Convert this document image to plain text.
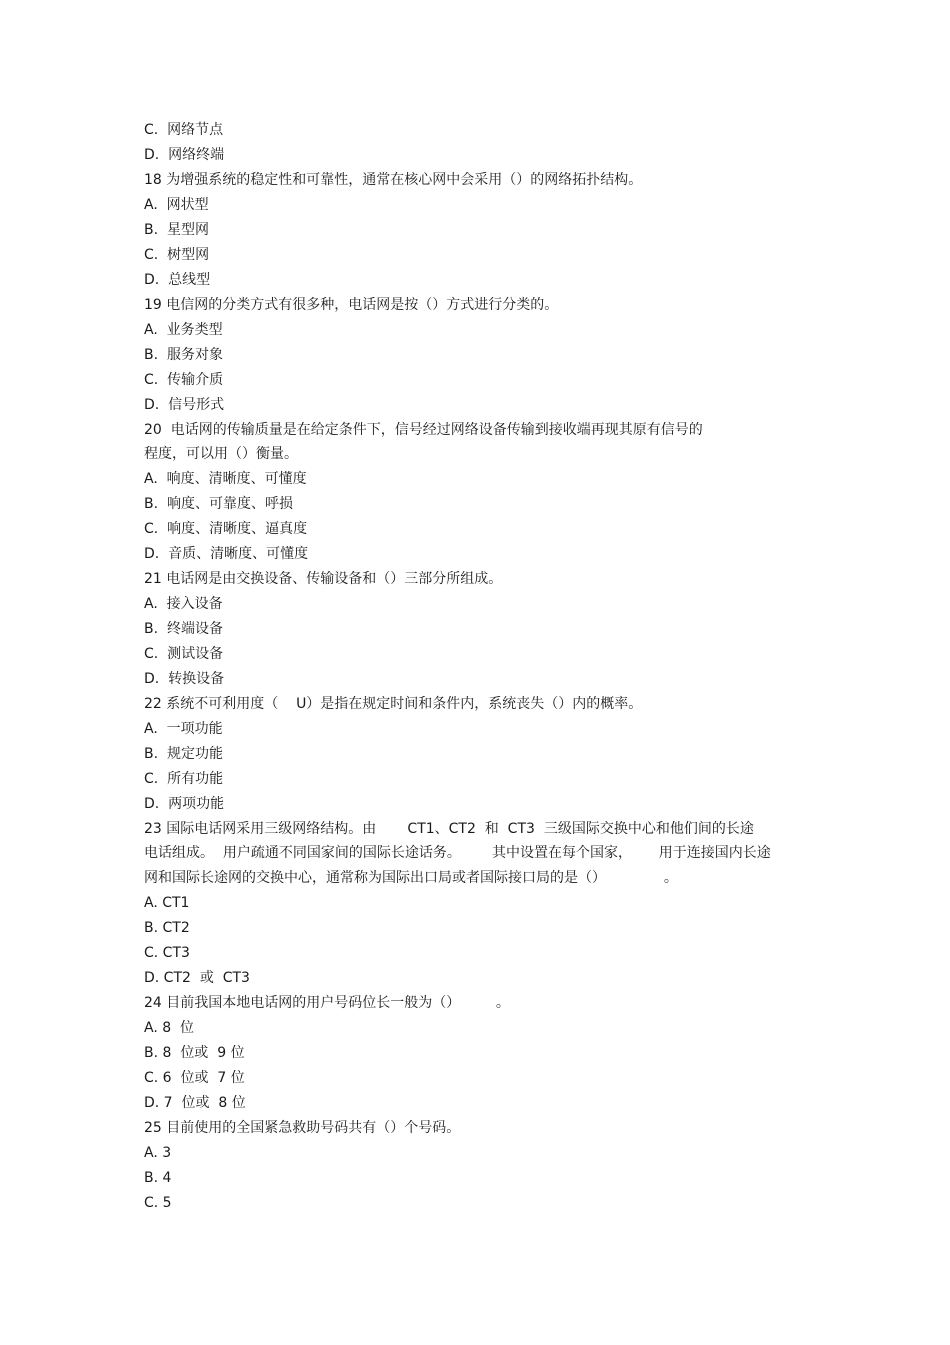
C.  网络节点
D.  网络终端
18 为增强系统的稳定性和可靠性，通常在核心网中会采用（）的网络拓扑结构。
A.  网状型
B.  星型网
C.  树型网
D.  总线型
19 电信网的分类方式有很多种，电话网是按（）方式进行分类的。
A.  业务类型
B.  服务对象
C.  传输介质
D.  信号形式
20  电话网的传输质量是在给定条件下，信号经过网络设备传输到接收端再现其原有信号的
程度，可以用（）衡量。
A.  响度、清晰度、可懂度
B.  响度、可靠度、呼损
C.  响度、清晰度、逼真度
D.  音质、清晰度、可懂度
21 电话网是由交换设备、传输设备和（）三部分所组成。
A.  接入设备
B.  终端设备
C.  测试设备
D.  转换设备
22 系统不可利用度（    U）是指在规定时间和条件内，系统丧失（）内的概率。
A.  一项功能
B.  规定功能
C.  所有功能
D.  两项功能
23 国际电话网采用三级网络结构。由       CT1、CT2  和  CT3  三级国际交换中心和他们间的长途
电话组成。  用户疏通不同国家间的国际长途话务。       其中设置在每个国家，      用于连接国内长途
网和国际长途网的交换中心，通常称为国际出口局或者国际接口局的是（）             。
A. CT1
B. CT2
C. CT3
D. CT2  或  CT3
24 目前我国本地电话网的用户号码位长一般为（）        。
A. 8  位
B. 8  位或  9 位
C. 6  位或  7 位
D. 7  位或  8 位
25 目前使用的全国紧急救助号码共有（）个号码。
A. 3
B. 4
C. 5
